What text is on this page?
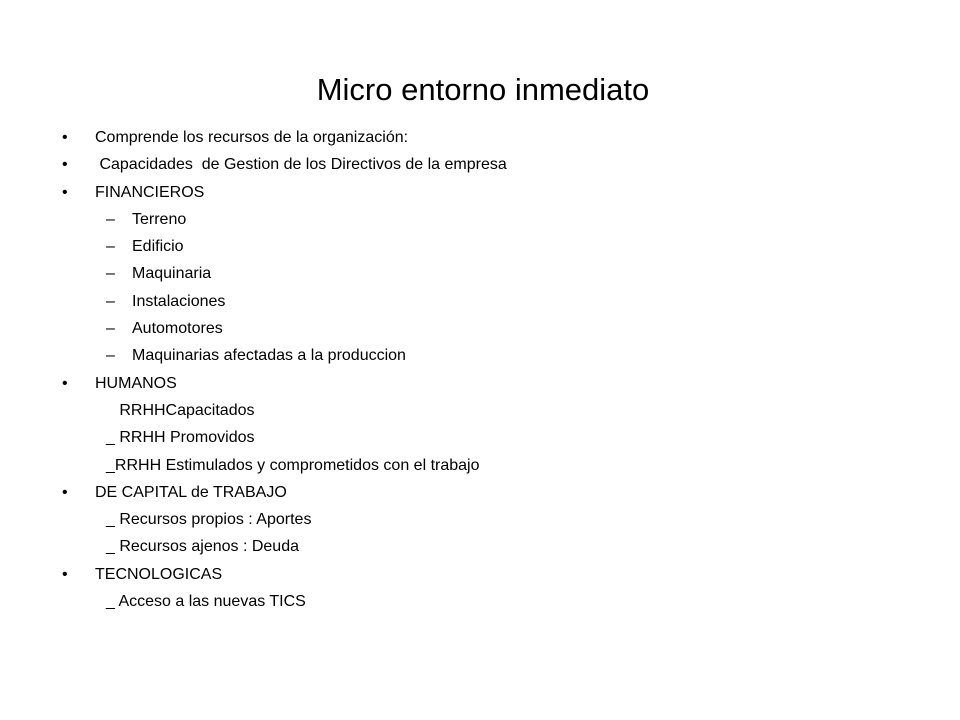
Micro entorno inmediato
• Comprende los recursos de la organización:
• Capacidades  de Gestion de los Directivos de la empresa
• FINANCIEROS
– Terreno
– Edificio
– Maquinaria
– Instalaciones
– Automotores
– Maquinarias afectadas a la produccion
• HUMANOS
RRHHCapacitados
_ RRHH Promovidos
_RRHH Estimulados y comprometidos con el trabajo
• DE CAPITAL de TRABAJO
_ Recursos propios : Aportes
_ Recursos ajenos : Deuda
• TECNOLOGICAS
_ Acceso a las nuevas TICS
